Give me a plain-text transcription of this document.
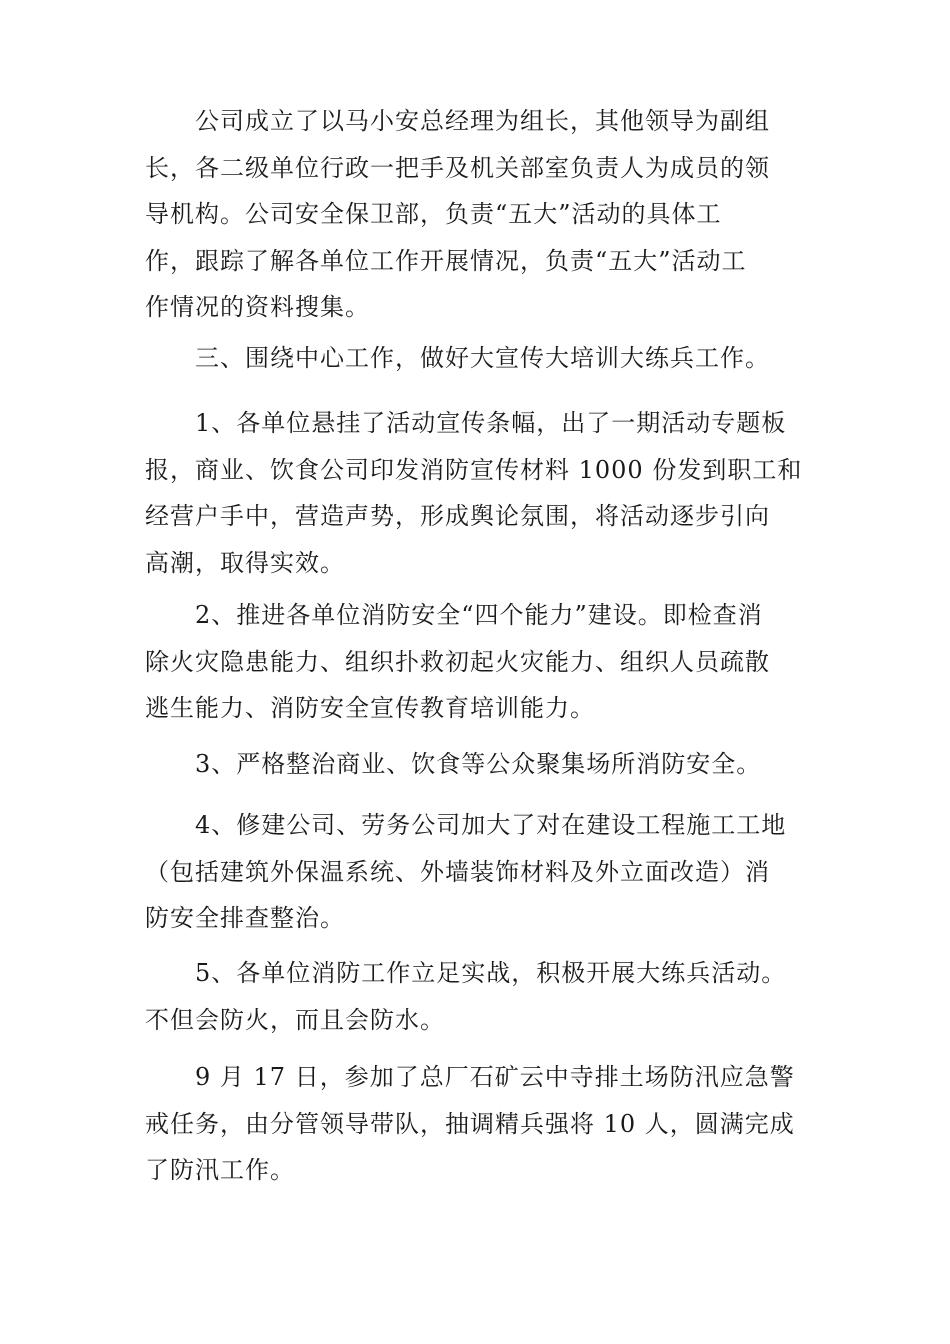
公司成立了以马小安总经理为组长，其他领导为副组
长，各二级单位行政一把手及机关部室负责人为成员的领
导机构。公司安全保卫部，负责“五大”活动的具体工
作，跟踪了解各单位工作开展情况，负责“五大”活动工
作情况的资料搜集。

三、围绕中心工作，做好大宣传大培训大练兵工作。

1、各单位悬挂了活动宣传条幅，出了一期活动专题板
报，商业、饮食公司印发消防宣传材料 1000 份发到职工和
经营户手中，营造声势，形成舆论氛围，将活动逐步引向
高潮，取得实效。

2、推进各单位消防安全“四个能力”建设。即检查消
除火灾隐患能力、组织扑救初起火灾能力、组织人员疏散
逃生能力、消防安全宣传教育培训能力。

3、严格整治商业、饮食等公众聚集场所消防安全。

4、修建公司、劳务公司加大了对在建设工程施工工地
（包括建筑外保温系统、外墙装饰材料及外立面改造）消
防安全排查整治。

5、各单位消防工作立足实战，积极开展大练兵活动。
不但会防火，而且会防水。

9 月 17 日，参加了总厂石矿云中寺排土场防汛应急警
戒任务，由分管领导带队，抽调精兵强将 10 人，圆满完成
了防汛工作。
